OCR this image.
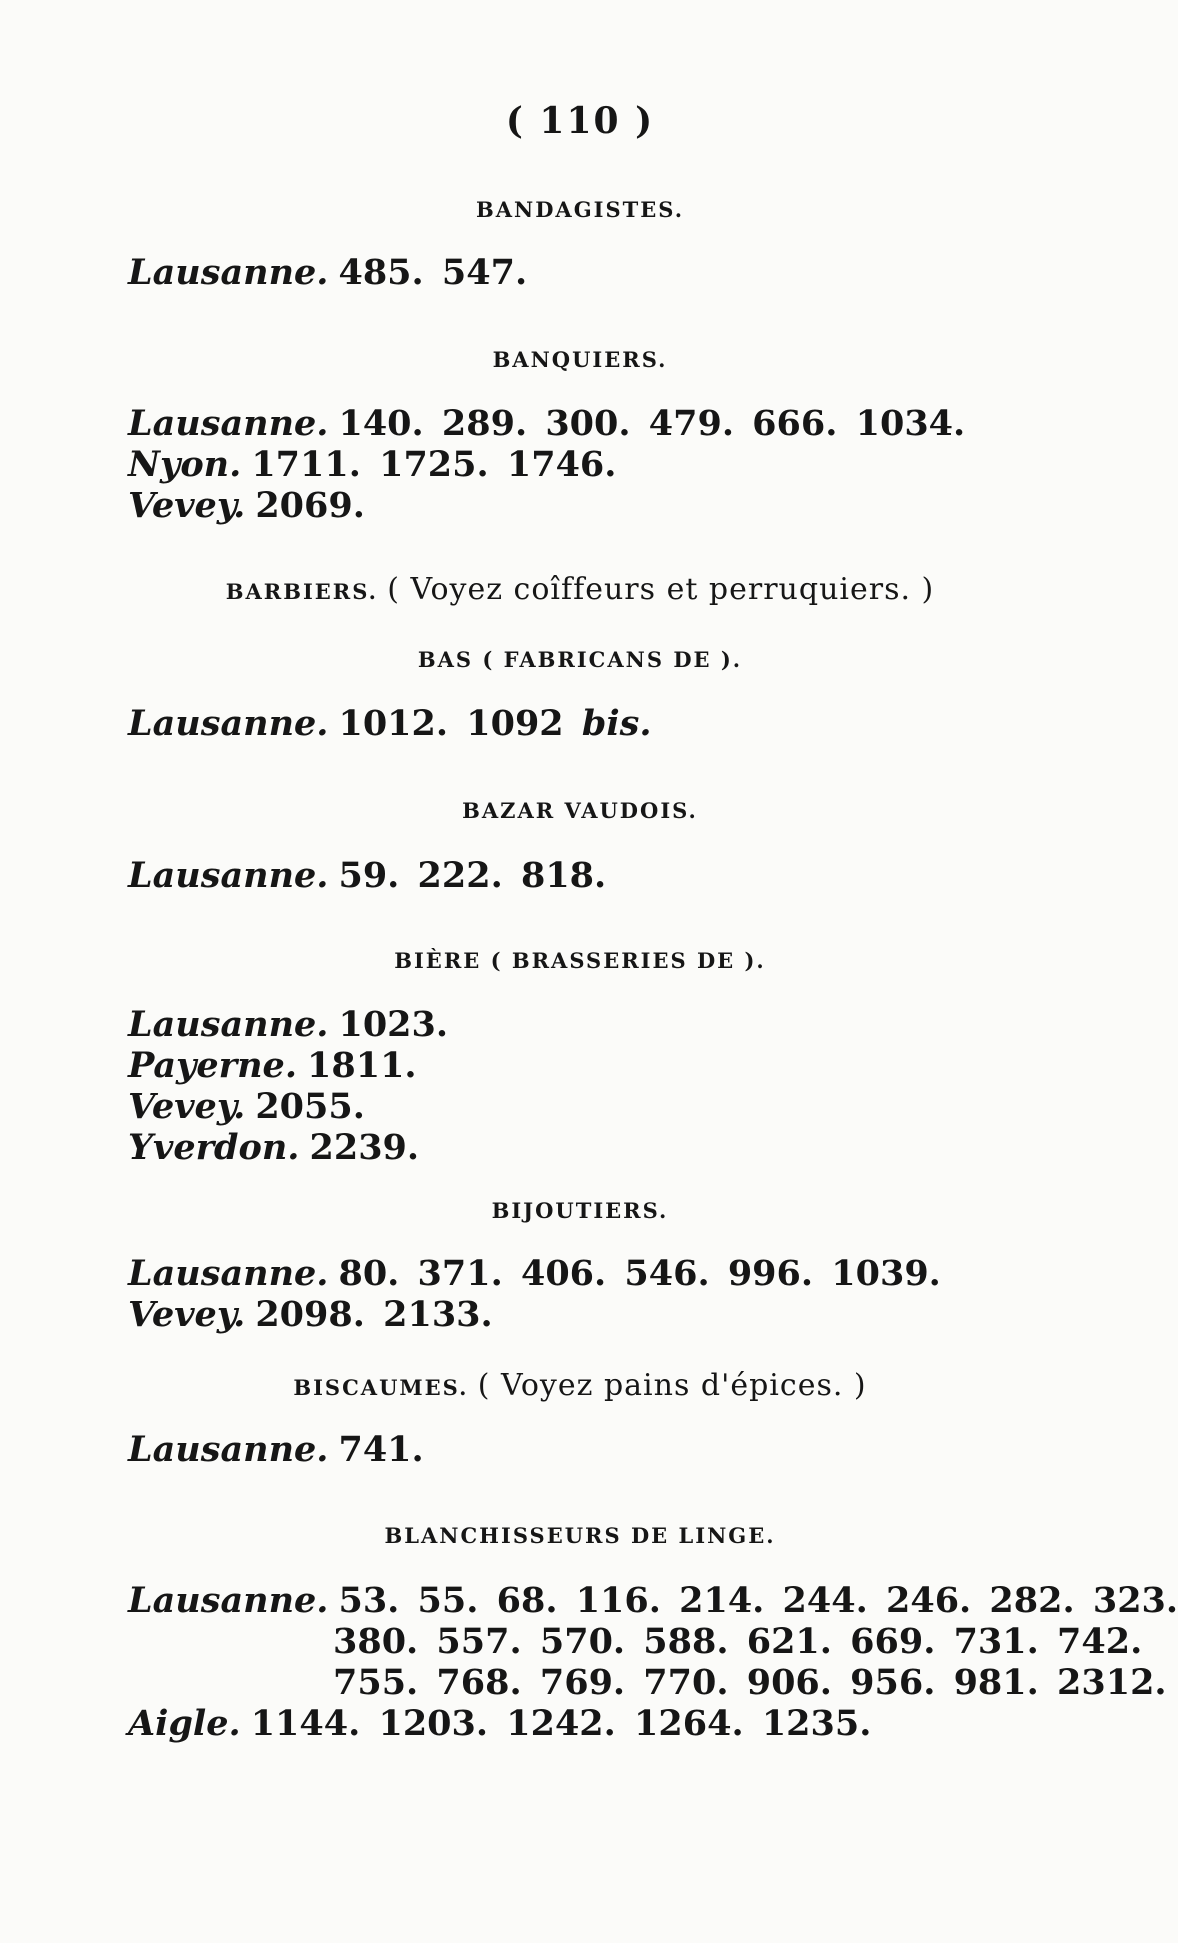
( 110 )
BANDAGISTES.
Lausanne. 485. 547.
BANQUIERS.
Lausanne. 140. 289. 300. 479. 666. 1034.
Nyon. 1711. 1725. 1746.
Vevey. 2069.
BARBIERS. ( Voyez coîffeurs et perruquiers. )
BAS ( FABRICANS DE ).
Lausanne. 1012. 1092 bis.
BAZAR VAUDOIS.
Lausanne. 59. 222. 818.
BIÈRE ( BRASSERIES DE ).
Lausanne. 1023.
Payerne. 1811.
Vevey. 2055.
Yverdon. 2239.
BIJOUTIERS.
Lausanne. 80. 371. 406. 546. 996. 1039.
Vevey. 2098. 2133.
BISCAUMES. ( Voyez pains d'épices. )
Lausanne. 741.
BLANCHISSEURS DE LINGE.
Lausanne. 53. 55. 68. 116. 214. 244. 246. 282. 323.
380. 557. 570. 588. 621. 669. 731. 742.
755. 768. 769. 770. 906. 956. 981. 2312.
Aigle. 1144. 1203. 1242. 1264. 1235.
